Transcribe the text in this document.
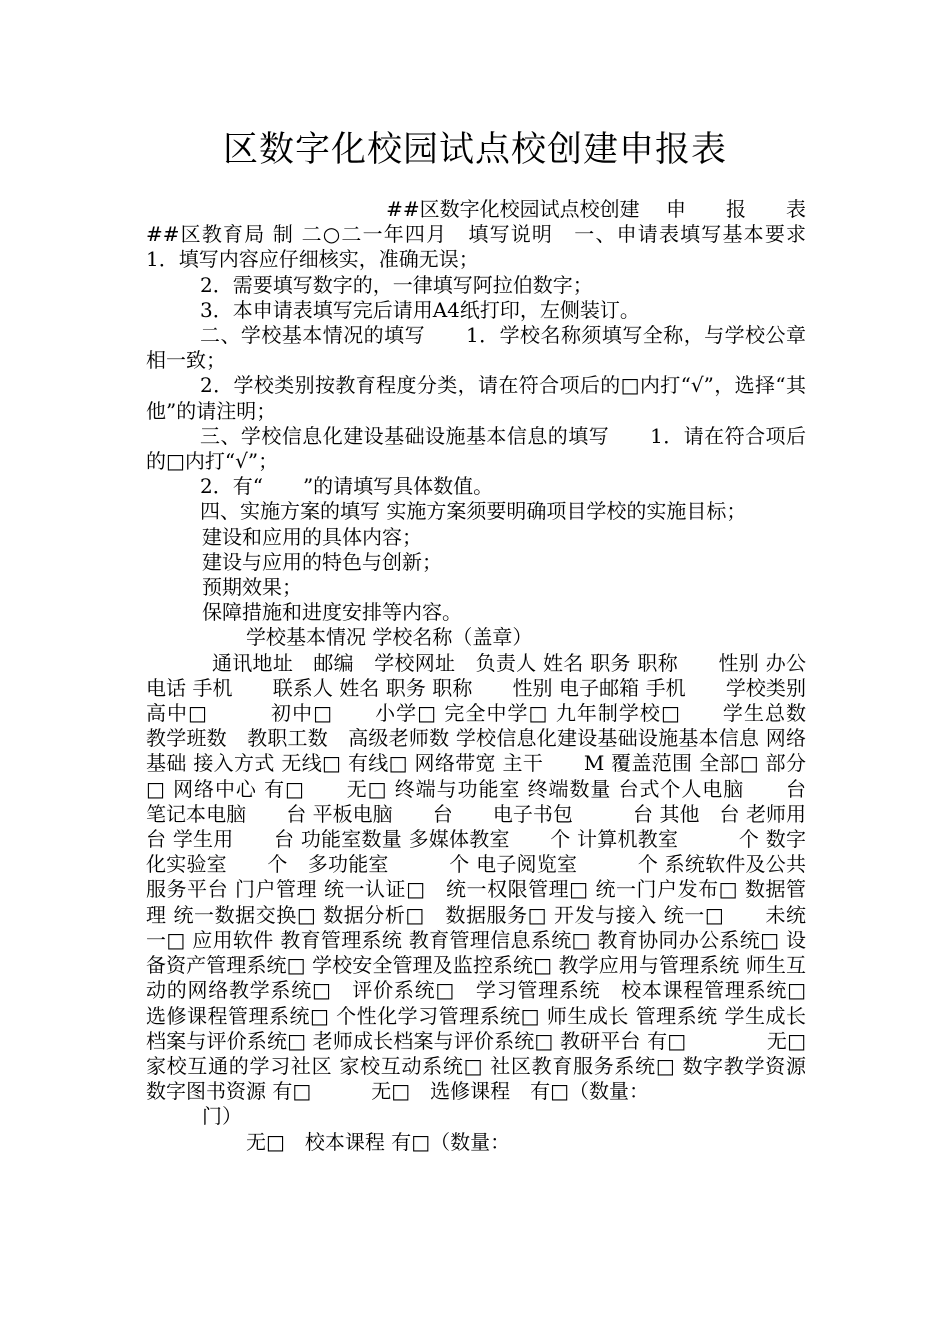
区数字化校园试点校创建申报表

##区数字化校园试点校创建　 申　　报　　表

##区教育局 制 二○二一年四月　填写说明　一、申请表填写基本要求　　1．填写内容应仔细核实，准确无误；

2．需要填写数字的，一律填写阿拉伯数字；

3．本申请表填写完后请用A4纸打印，左侧装订。

二、学校基本情况的填写　　1．学校名称须填写全称，与学校公章相一致；

2．学校类别按教育程度分类，请在符合项后的□内打“√”，选择“其他”的请注明；

三、学校信息化建设基础设施基本信息的填写　　1．请在符合项后的□内打“√”；

2．有“　　”的请填写具体数值。

四、实施方案的填写 实施方案须要明确项目学校的实施目标；

建设和应用的具体内容；

建设与应用的特色与创新；

预期效果；

保障措施和进度安排等内容。

学校基本情况 学校名称（盖章）

通讯地址　邮编　学校网址　负责人 姓名 职务 职称　　性别 办公电话 手机　　联系人 姓名 职务 职称　　性别 电子邮箱 手机　　学校类别 高中□　　　初中□　　小学□ 完全中学□ 九年制学校□　　学生总数　教学班数　教职工数　高级老师数 学校信息化建设基础设施基本信息 网络基础 接入方式 无线□ 有线□ 网络带宽 主干　　M 覆盖范围 全部□ 部分□ 网络中心 有□　　无□ 终端与功能室 终端数量 台式个人电脑　　台　笔记本电脑　　台 平板电脑　　台　　电子书包　　　台 其他　台 老师用　　台 学生用　　台 功能室数量 多媒体教室　　个 计算机教室　　　个 数字化实验室　　个　多功能室　　　个 电子阅览室　　　个 系统软件及公共服务平台 门户管理 统一认证□　统一权限管理□ 统一门户发布□ 数据管理 统一数据交换□ 数据分析□　数据服务□ 开发与接入 统一□　　未统一□ 应用软件 教育管理系统 教育管理信息系统□ 教育协同办公系统□ 设备资产管理系统□ 学校安全管理及监控系统□ 教学应用与管理系统 师生互动的网络教学系统□　评价系统□　学习管理系统　校本课程管理系统□　　选修课程管理系统□ 个性化学习管理系统□ 师生成长 管理系统 学生成长档案与评价系统□ 老师成长档案与评价系统□ 教研平台 有□　　　　无□ 家校互通的学习社区 家校互动系统□ 社区教育服务系统□ 数字教学资源 数字图书资源 有□　　　无□　选修课程　有□（数量：

门）

无□　校本课程 有□（数量：
